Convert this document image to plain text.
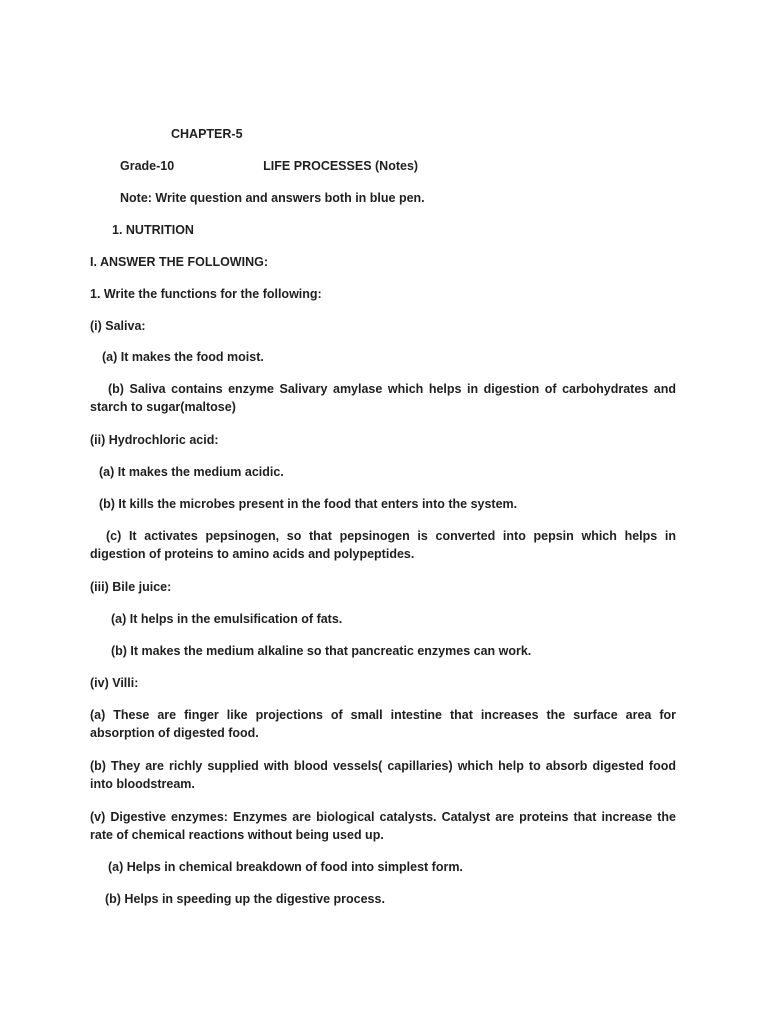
CHAPTER-5
Grade-10	LIFE PROCESSES (Notes)
Note: Write question and answers both in blue pen.
1. NUTRITION
I. ANSWER THE FOLLOWING:
1. Write the functions for the following:
(i) Saliva:
(a) It makes the food moist.
(b) Saliva contains enzyme Salivary amylase which helps in digestion of carbohydrates and starch to sugar(maltose)
(ii) Hydrochloric acid:
(a) It makes the medium acidic.
(b) It kills the microbes present in the food that enters into the system.
(c) It activates pepsinogen, so that pepsinogen is converted into pepsin which helps in digestion of proteins to amino acids and polypeptides.
(iii) Bile juice:
(a) It helps in the emulsification of fats.
(b) It makes the medium alkaline so that pancreatic enzymes can work.
(iv) Villi:
(a) These are finger like projections of small intestine that increases the surface area for absorption of digested food.
(b) They are richly supplied with blood vessels( capillaries) which help to absorb digested food into bloodstream.
(v) Digestive enzymes: Enzymes are biological catalysts. Catalyst are proteins that increase the rate of chemical reactions without being used up.
(a) Helps in chemical breakdown of food into simplest form.
(b) Helps in speeding up the digestive process.
